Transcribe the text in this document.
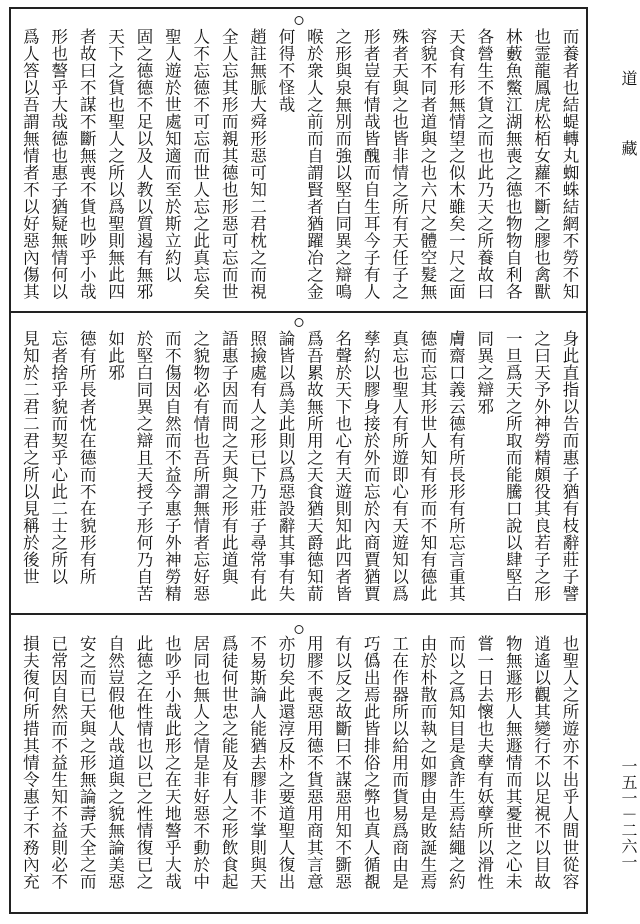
道
藏
一五一－二六一
而養者也結蝭轉丸蜘蛛結網不勞不知
也霊龍鳳虎松栢女蘿不斷之膠也禽獸
林藪魚鱉江湖無喪之德也物物自利各
各營生不貨之而也此乃天之所養故曰
天食有形無情望之似木雖矣一尺之面
容貌不同者道與之也六尺之體空髮無
殊者天與之也皆非情之所有天任子之
形者豈有情哉皆醜而自生耳今子有人
之形與泉無別而強以堅白同異之辯鳴
喉於衆人之前而自謂賢者猶躍冶之金
何得不怪哉
趙註無脈大舜形惡可知二君枕之而視
全人忘其形而親其德也形惡可忘而世
人不忘德不可忘而世人忘之此真忘矣
聖人遊於世處知適而至於斯立約以
固之德德不足以及人教以質遏有無邪
天下之貨也聖人之所以爲聖則無此四
者故曰不謀不斷無喪不貨也吵乎小哉
形也謷乎大哉德也惠子猶疑無情何以
爲人答以吾謂無情者不以好惡內傷其
身此直指以告而惠子猶有枝辭莊子譬
之曰天予外神勞精頗役其良若子之形
一旦爲天之所取而能騰口說以肆堅白
同異之辯邪
膚齋口義云德有所長形有所忘言重其
德而忘其形世人知有形而不知有德此
真忘也聖人有所遊即心有天遊知以爲
孳約以膠身接於外而忘於內商賈猶賈
名聲於天下也心有天遊則知此四者皆
爲吾累故無所用之天食猶天爵德知葥
論皆以爲美此則以爲惡設辭其事有失
照撿處有人之形已下乃莊子尋常有此
語惠子因而問之天與之形有此道與
之貌物必有情也吾所謂無情者忘好惡
而不傷因自然而不益今惠子外神勞精
於堅白同異之辯且天授子形何乃自苦
如此邪
德有所長者忱在德而不在貌形有所
忘者捨乎貌而契乎心此二士之所以
見知於二君二君之所以見稱於後世
也聖人之所遊亦不出乎人間世從容
逍遙以觀其變行不以足視不以目故
物無遯形人無遯情而其憂世之心未
嘗一日去懷也夫孽有妖孽所以滑性
而以之爲知目是貪詐生焉結繩之約
由於朴散而執之如膠由是敗誕生焉
工在作器所以給用而貨易爲商由是
巧僞出焉此皆排俗之弊也真人循覩
有以反之故斷曰不謀惡用知不斵惡
用膠不喪惡用德不貨惡用商其言意
亦切矣此還淳反朴之要道聖人復出
不易斯論人能猶去膠非不掌則與天
爲徒何世忠之能及有人之形飲食起
居同也無人之情是非好惡不動於中
也吵乎小哉此形之在天地謷乎大哉
此德之在性情也以已之性情復已之
自然豈假他人哉道與之貌無論美惡
安之而已天與之形無論壽夭全之而
已常因自然而不益生知不益則必不
損夫復何所措其情令惠子不務內充
